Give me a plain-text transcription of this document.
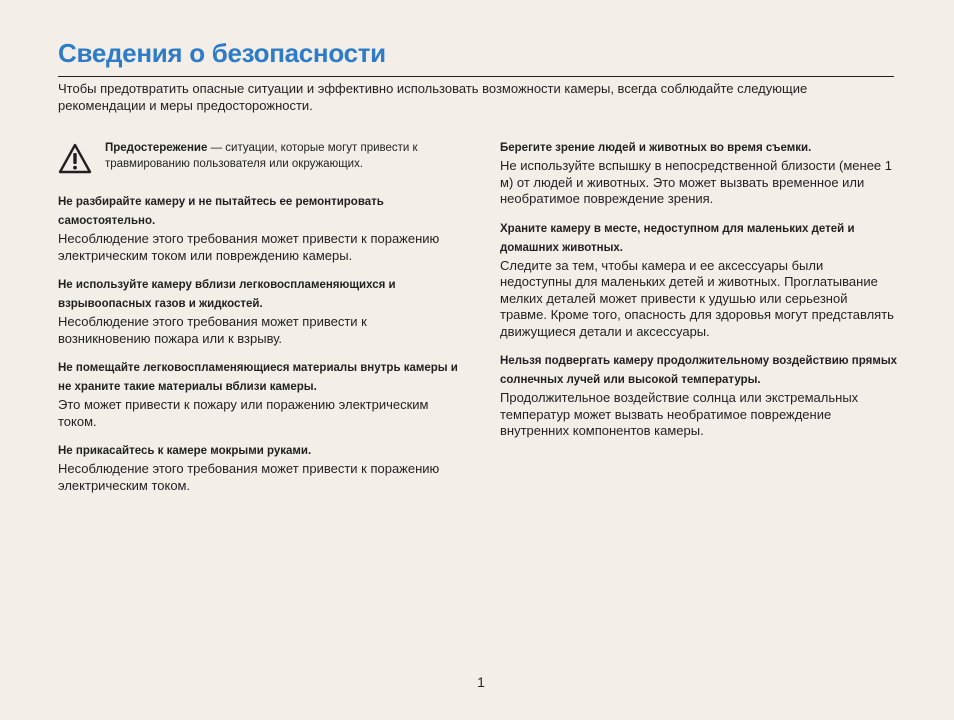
Сведения о безопасности

Чтобы предотвратить опасные ситуации и эффективно использовать возможности камеры, всегда соблюдайте следующие рекомендации и меры предосторожности.

Предостережение — ситуации, которые могут привести к травмированию пользователя или окружающих.
Не разбирайте камеру и не пытайтесь ее ремонтировать самостоятельно.

Несоблюдение этого требования может привести к поражению электрическим током или повреждению камеры.

Не используйте камеру вблизи легковоспламеняющихся и взрывоопасных газов и жидкостей.

Несоблюдение этого требования может привести к возникновению пожара или к взрыву.

Не помещайте легковоспламеняющиеся материалы внутрь камеры и не храните такие материалы вблизи камеры.

Это может привести к пожару или поражению электрическим током.

Не прикасайтесь к камере мокрыми руками.

Несоблюдение этого требования может привести к поражению электрическим током.

Берегите зрение людей и животных во время съемки.

Не используйте вспышку в непосредственной близости (менее 1 м) от людей и животных. Это может вызвать временное или необратимое повреждение зрения.

Храните камеру в месте, недоступном для маленьких детей и домашних животных.

Следите за тем, чтобы камера и ее аксессуары были недоступны для маленьких детей и животных. Проглатывание мелких деталей может привести к удушью или серьезной травме. Кроме того, опасность для здоровья могут представлять движущиеся детали и аксессуары.

Нельзя подвергать камеру продолжительному воздействию прямых солнечных лучей или высокой температуры.

Продолжительное воздействие солнца или экстремальных температур может вызвать необратимое повреждение внутренних компонентов камеры.

1
